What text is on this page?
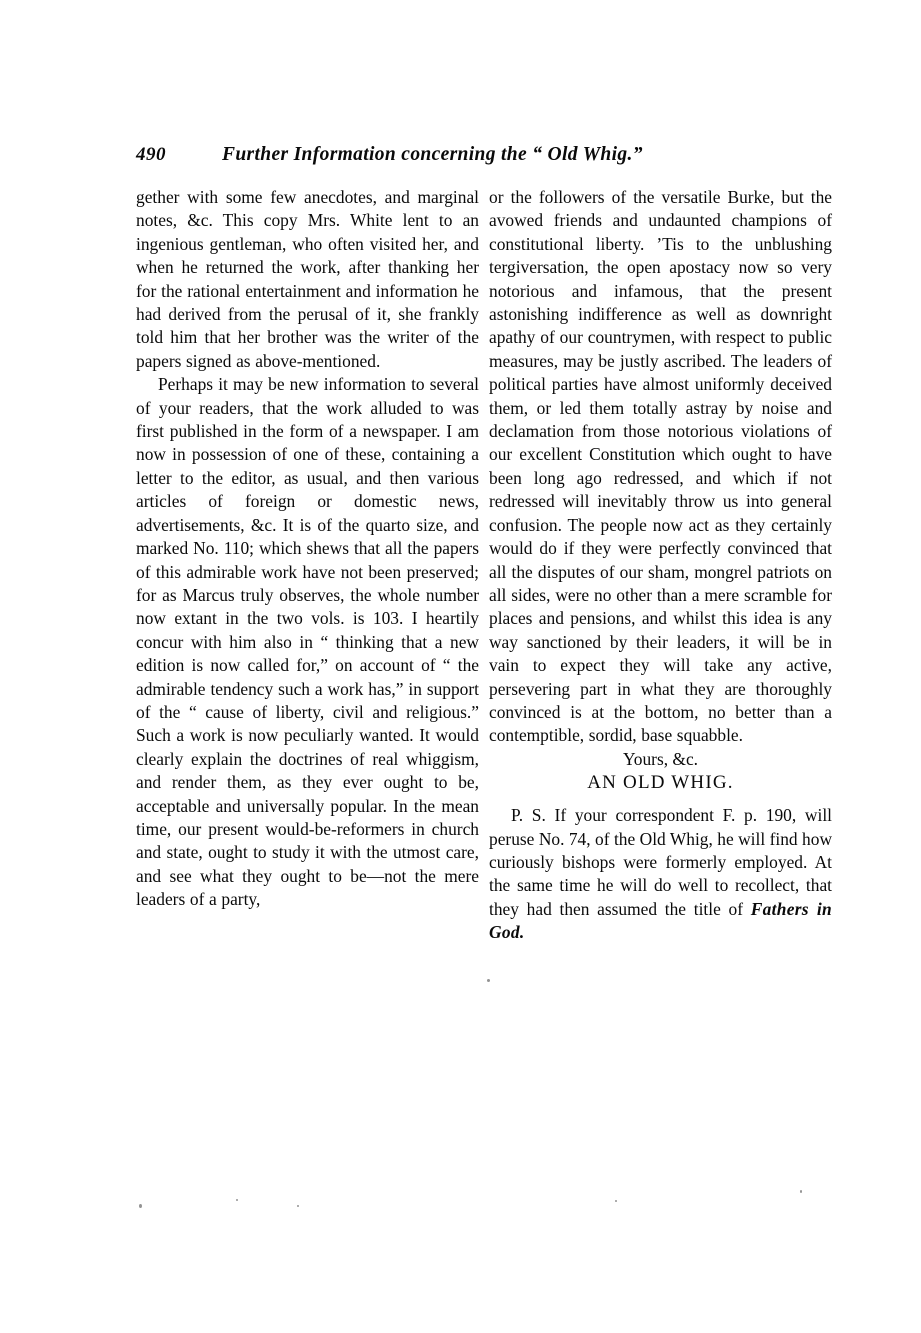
490	Further Information concerning the “ Old Whig.”

gether with some few anecdotes, and marginal notes, &c. This copy Mrs. White lent to an ingenious gentleman, who often visited her, and when he returned the work, after thanking her for the rational entertainment and information he had derived from the perusal of it, she frankly told him that her brother was the writer of the papers signed as above-mentioned.

Perhaps it may be new information to several of your readers, that the work alluded to was first published in the form of a newspaper. I am now in possession of one of these, containing a letter to the editor, as usual, and then various articles of foreign or domestic news, advertisements, &c. It is of the quarto size, and marked No. 110; which shews that all the papers of this admirable work have not been preserved; for as Marcus truly observes, the whole number now extant in the two vols. is 103. I heartily concur with him also in “ thinking that a new edition is now called for,” on account of “ the admirable tendency such a work has,” in support of the “ cause of liberty, civil and religious.” Such a work is now peculiarly wanted. It would clearly explain the doctrines of real whiggism, and render them, as they ever ought to be, acceptable and universally popular. In the mean time, our present would-be-reformers in church and state, ought to study it with the utmost care, and see what they ought to be—not the mere leaders of a party,

or the followers of the versatile Burke, but the avowed friends and undaunted champions of constitutional liberty. ’Tis to the unblushing tergiversation, the open apostacy now so very notorious and infamous, that the present astonishing indifference as well as downright apathy of our countrymen, with respect to public measures, may be justly ascribed. The leaders of political parties have almost uniformly deceived them, or led them totally astray by noise and declamation from those notorious violations of our excellent Constitution which ought to have been long ago redressed, and which if not redressed will inevitably throw us into general confusion. The people now act as they certainly would do if they were perfectly convinced that all the disputes of our sham, mongrel patriots on all sides, were no other than a mere scramble for places and pensions, and whilst this idea is any way sanctioned by their leaders, it will be in vain to expect they will take any active, persevering part in what they are thoroughly convinced is at the bottom, no better than a contemptible, sordid, base squabble.

Yours, &c.

AN OLD WHIG.

P. S. If your correspondent F. p. 190, will peruse No. 74, of the Old Whig, he will find how curiously bishops were formerly employed. At the same time he will do well to recollect, that they had then assumed the title of Fathers in God.
